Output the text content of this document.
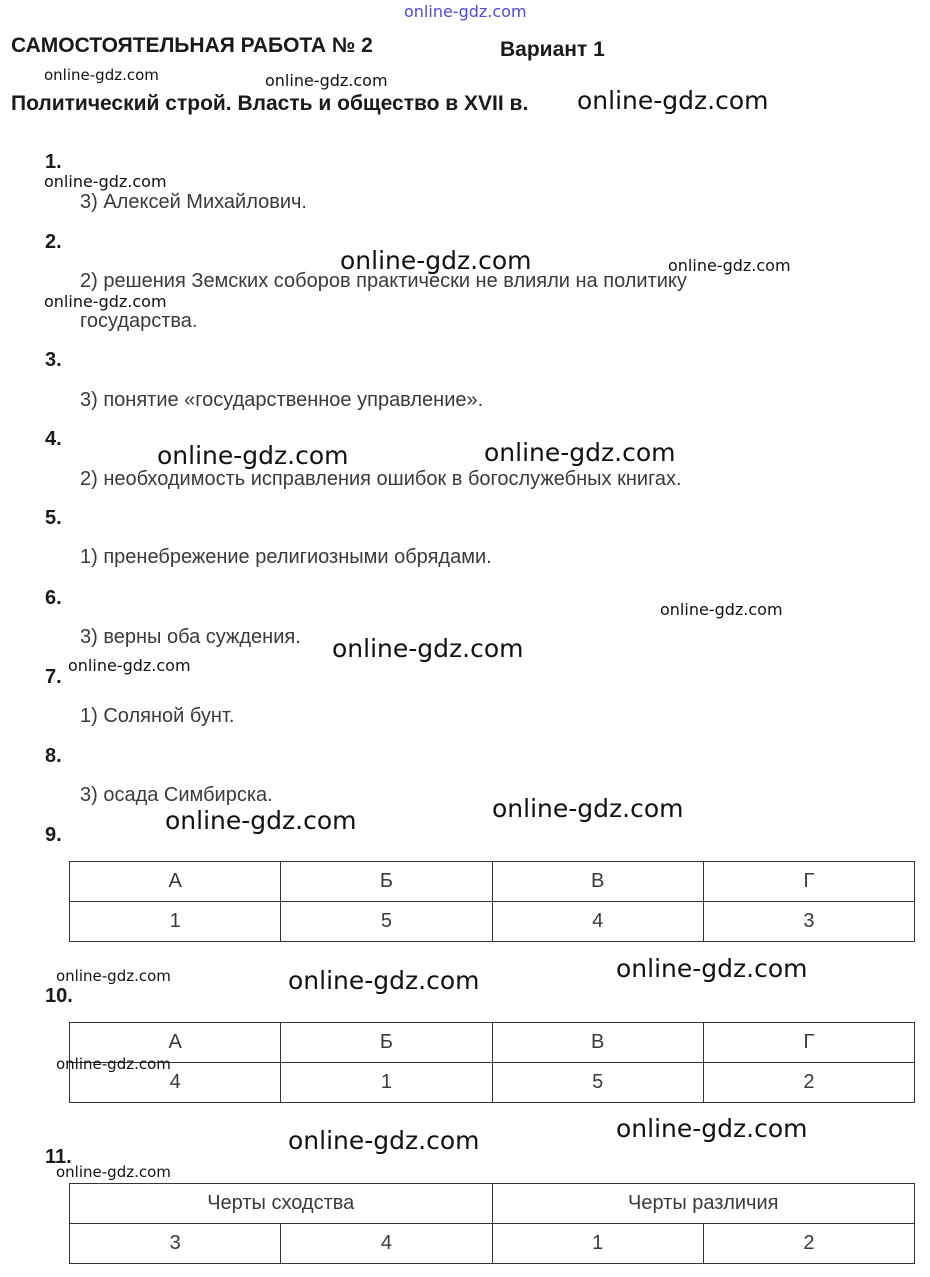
online-gdz.com
САМОСТОЯТЕЛЬНАЯ РАБОТА № 2	Вариант 1
Политический строй. Власть и общество в XVII в.
1.
2.
3.
4.
5.
6.
7.
8.
9.
10.
11.
3) Алексей Михайлович.
2) решения Земских соборов практически не влияли на политику
государства.
3) понятие «государственное управление».
2) необходимость исправления ошибок в богослужебных книгах.
1) пренебрежение религиозными обрядами.
3) верны оба суждения.
1) Соляной бунт.
3) осада Симбирска.
А	Б	В	Г
1	5	4	3
А	Б	В	Г
4	1	5	2
Черты сходства		Черты различия	
3	4	1	2
online-gdz.com	online-gdz.com
online-gdz.com
online-gdz.com
online-gdz.com	online-gdz.com
online-gdz.com
online-gdz.com	online-gdz.com
online-gdz.com
online-gdz.com
online-gdz.com
online-gdz.com
online-gdz.com
online-gdz.com	online-gdz.com	online-gdz.com
online-gdz.com
online-gdz.com	online-gdz.com
online-gdz.com
